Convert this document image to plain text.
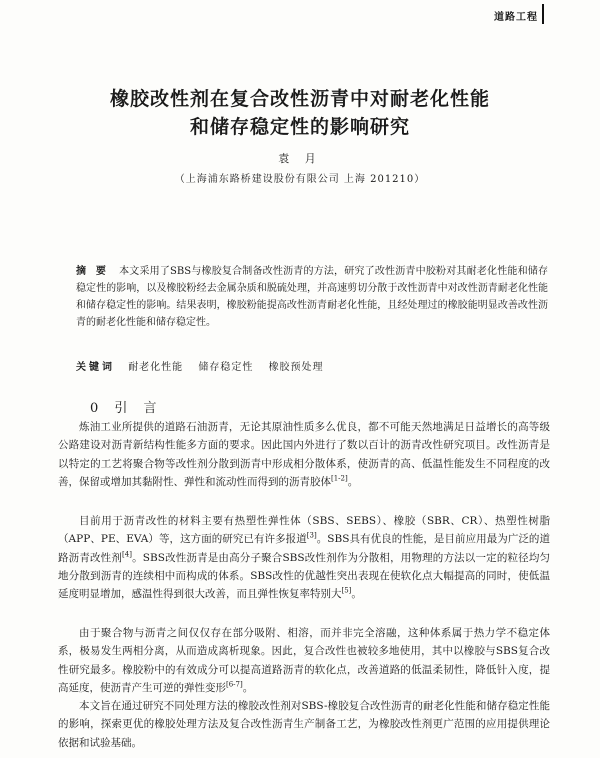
道路工程
橡胶改性剂在复合改性沥青中对耐老化性能
和储存稳定性的影响研究
袁 月
（上海浦东路桥建设股份有限公司 上海 201210）
摘 要 本文采用了SBS与橡胶复合制备改性沥青的方法，研究了改性沥青中胶粉对其耐老化性能和储存稳定性的影响，以及橡胶粉经去金属杂质和脱硫处理，并高速剪切分散于改性沥青中对改性沥青耐老化性能和储存稳定性的影响。结果表明，橡胶粉能提高改性沥青耐老化性能，且经处理过的橡胶能明显改善改性沥青的耐老化性能和储存稳定性。
关键词 耐老化性能 储存稳定性 橡胶预处理
0 引 言

炼油工业所提供的道路石油沥青，无论其原油性质多么优良，都不可能天然地满足日益增长的高等级公路建设对沥青新结构性能多方面的要求。因此国内外进行了数以百计的沥青改性研究项目。改性沥青是以特定的工艺将聚合物等改性剂分散到沥青中形成相分散体系，使沥青的高、低温性能发生不同程度的改善，保留或增加其黏附性、弹性和流动性而得到的沥青胶体[1-2]。

目前用于沥青改性的材料主要有热塑性弹性体（SBS、SEBS）、橡胶（SBR、CR）、热塑性树脂（APP、PE、EVA）等，这方面的研究已有许多报道[3]。SBS具有优良的性能，是目前应用最为广泛的道路沥青改性剂[4]。SBS改性沥青是由高分子聚合SBS改性剂作为分散相，用物理的方法以一定的粒径均匀地分散到沥青的连续相中而构成的体系。SBS改性的优越性突出表现在使软化点大幅提高的同时，使低温延度明显增加，感温性得到很大改善，而且弹性恢复率特别大[5]。

由于聚合物与沥青之间仅仅存在部分吸附、相溶，而并非完全溶融，这种体系属于热力学不稳定体系，极易发生两相分离，从而造成离析现象。因此，复合改性也被较多地使用，其中以橡胶与SBS复合改性研究最多。橡胶粉中的有效成分可以提高道路沥青的软化点，改善道路的低温柔韧性，降低针入度，提高延度，使沥青产生可逆的弹性变形[6-7]。

本文旨在通过研究不同处理方法的橡胶改性剂对SBS-橡胶复合改性沥青的耐老化性能和储存稳定性能的影响，探索更优的橡胶处理方法及复合改性沥青生产制备工艺，为橡胶改性剂更广范围的应用提供理论依据和试验基础。
